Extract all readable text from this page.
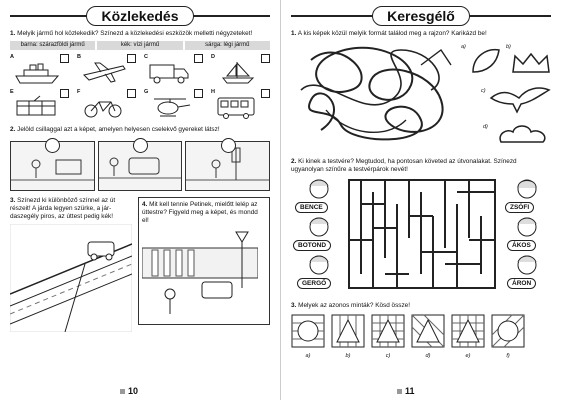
Közlekedés
1. Melyik jármű hol közlekedik? Színezd a közlekedési eszközök melletti négyzeteket!
barna: szárazföldi jármű	kék: vízi jármű	sárga: légi jármű
A	B	C	D
E	F	G	H
2. Jelöld csillaggal azt a képet, amelyen helyesen cselekvő gyereket látsz!
3. Színezd ki különböző színnel az út részeit! A járda legyen szürke, a jár-daszegély piros, az úttest pedig kék!
4. Mit kell tennie Petinek, mielőtt lelép az úttestre? Figyeld meg a képet, és mondd el!
10
Keresgélő
1. A kis képek közül melyik formát találod meg a rajzon? Karikázd be!
a)	b)
c)
d)
2. Ki kinek a testvére? Megtudod, ha pontosan követed az útvonalakat. Színezd ugyanolyan színűre a testvérpárok nevét!
BENCE
BOTOND
GERGŐ
ZSÓFI
ÁKOS
ÁRON
3. Melyek az azonos minták? Kösd össze!
a)	b)	c)	d)	e)	f)
11
